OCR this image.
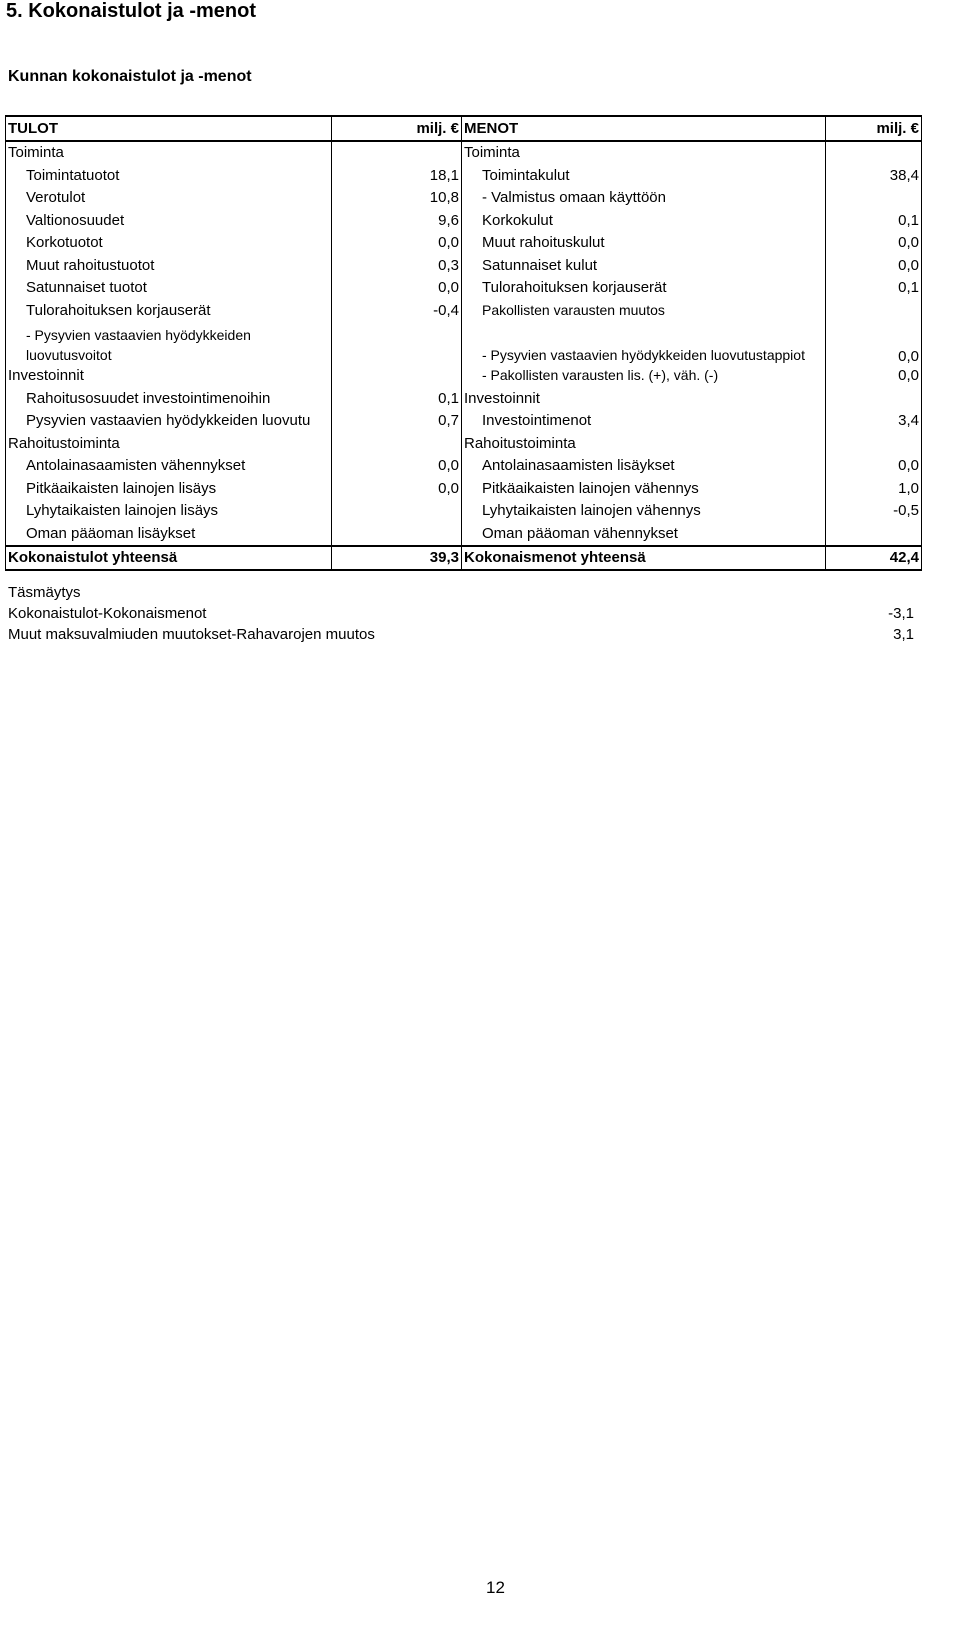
5. Kokonaistulot ja -menot
Kunnan kokonaistulot ja -menot
TULOT	milj. €	MENOT	milj. €
Toiminta		Toiminta	
Toimintatuotot	18,1	Toimintakulut	38,4
Verotulot	10,8	- Valmistus omaan käyttöön	
Valtionosuudet	9,6	Korkokulut	0,1
Korkotuotot	0,0	Muut rahoituskulut	0,0
Muut rahoitustuotot	0,3	Satunnaiset kulut	0,0
Satunnaiset tuotot	0,0	Tulorahoituksen korjauserät	0,1
Tulorahoituksen korjauserät	-0,4	Pakollisten varausten muutos	
- Pysyvien vastaavien hyödykkeiden luovutusvoitot		- Pysyvien vastaavien hyödykkeiden luovutustappiot	0,0
Investoinnit		- Pakollisten varausten lis. (+), väh. (-)	0,0
Rahoitusosuudet investointimenoihin	0,1	Investoinnit	
Pysyvien vastaavien hyödykkeiden luovutu	0,7	Investointimenot	3,4
Rahoitustoiminta		Rahoitustoiminta	
Antolainasaamisten vähennykset	0,0	Antolainasaamisten lisäykset	0,0
Pitkäaikaisten lainojen lisäys	0,0	Pitkäaikaisten lainojen vähennys	1,0
Lyhytaikaisten lainojen lisäys		Lyhytaikaisten lainojen vähennys	-0,5
Oman pääoman lisäykset		Oman pääoman vähennykset	
Kokonaistulot yhteensä	39,3	Kokonaismenot yhteensä	42,4
Täsmäytys
Kokonaistulot-Kokonaismenot	-3,1
Muut maksuvalmiuden muutokset-Rahavarojen muutos	3,1
12
